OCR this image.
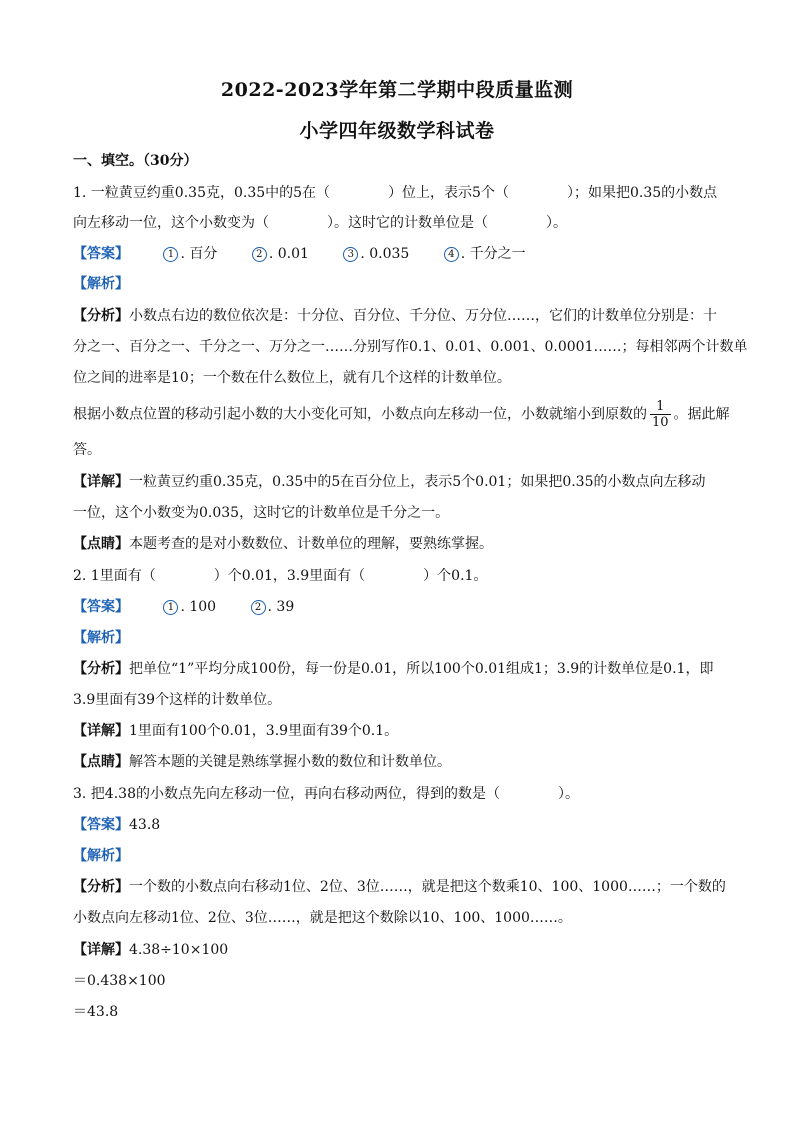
2022-2023学年第二学期中段质量监测
小学四年级数学科试卷
一、填空。（30分）
1. 一粒黄豆约重0.35克，0.35中的5在（	）位上，表示5个（	）；如果把0.35的小数点
向左移动一位，这个小数变为（	）。这时它的计数单位是（	）。
【答案】	1 . 百分	2 . 0.01	3 . 0.035	4 . 千分之一
【解析】
【分析】小数点右边的数位依次是：十分位、百分位、千分位、万分位……，它们的计数单位分别是：十
分之一、百分之一、千分之一、万分之一……分别写作0.1、0.01、0.001、0.0001……；每相邻两个计数单
位之间的进率是10；一个数在什么数位上，就有几个这样的计数单位。
根据小数点位置的移动引起小数的大小变化可知，小数点向左移动一位，小数就缩小到原数的 $\frac{1}{10}$ 。据此解
答。
【详解】一粒黄豆约重0.35克，0.35中的5在百分位上，表示5个0.01；如果把0.35的小数点向左移动
一位，这个小数变为0.035，这时它的计数单位是千分之一。
【点睛】本题考查的是对小数数位、计数单位的理解，要熟练掌握。
2. 1里面有（	）个0.01，3.9里面有（	）个0.1。
【答案】	1 . 100	2 . 39
【解析】
【分析】把单位“1”平均分成100份，每一份是0.01，所以100个0.01组成1；3.9的计数单位是0.1，即
3.9里面有39个这样的计数单位。
【详解】1里面有100个0.01，3.9里面有39个0.1。
【点睛】解答本题的关键是熟练掌握小数的数位和计数单位。
3. 把4.38的小数点先向左移动一位，再向右移动两位，得到的数是（	）。
【答案】43.8
【解析】
【分析】一个数的小数点向右移动1位、2位、3位……，就是把这个数乘10、100、1000……；一个数的
小数点向左移动1位、2位、3位……，就是把这个数除以10、100、1000……。
【详解】4.38÷10×100
＝0.438×100
＝43.8
